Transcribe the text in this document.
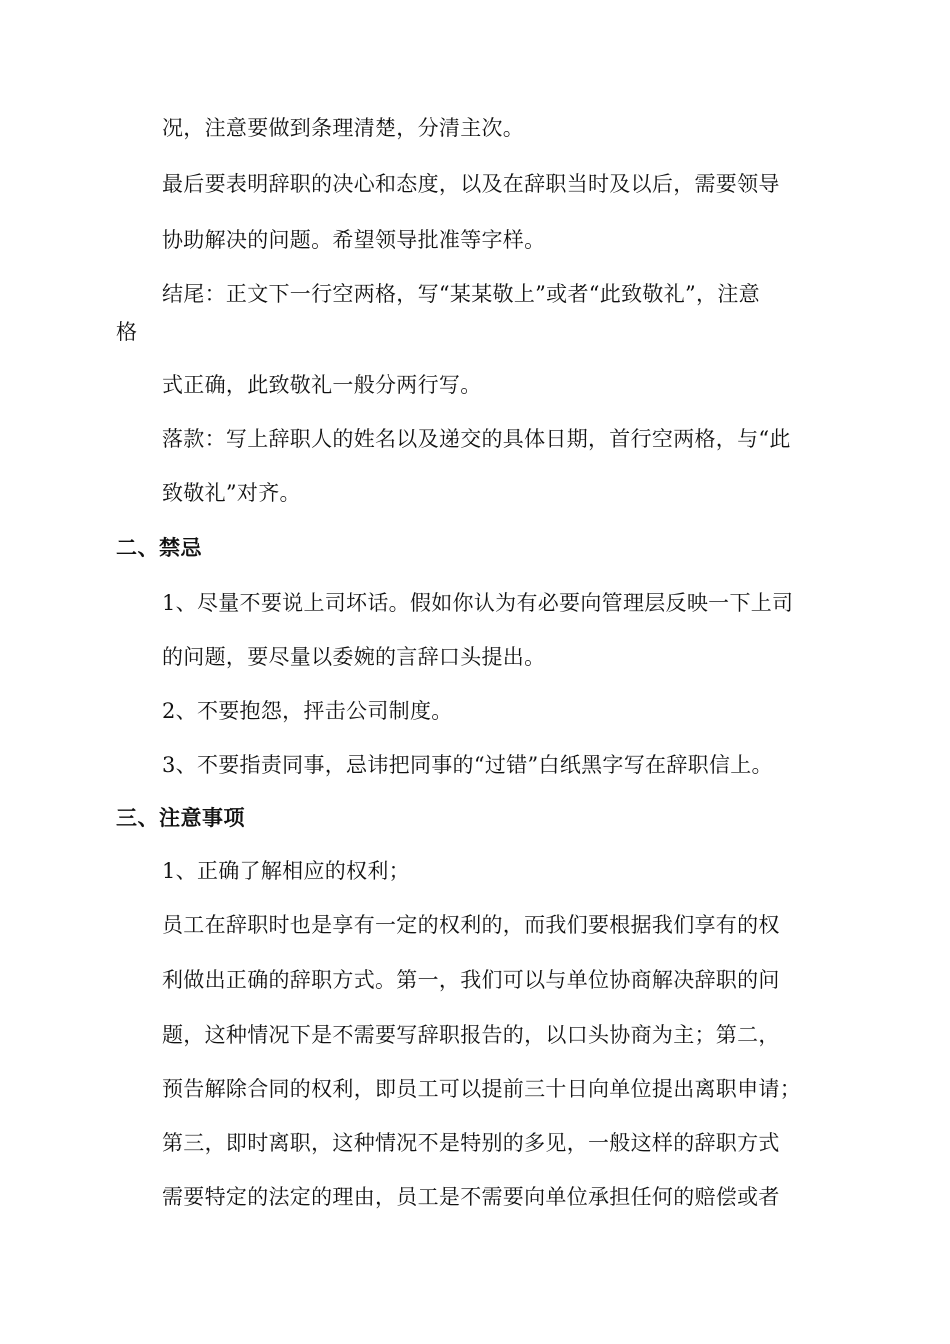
况，注意要做到条理清楚，分清主次。
最后要表明辞职的决心和态度，以及在辞职当时及以后，需要领导
协助解决的问题。希望领导批准等字样。
结尾：正文下一行空两格，写“某某敬上”或者“此致敬礼”，注意
格
式正确，此致敬礼一般分两行写。
落款：写上辞职人的姓名以及递交的具体日期，首行空两格，与“此
致敬礼”对齐。
二、禁忌
1、尽量不要说上司坏话。假如你认为有必要向管理层反映一下上司
的问题，要尽量以委婉的言辞口头提出。
2、不要抱怨，抨击公司制度。
3、不要指责同事，忌讳把同事的“过错”白纸黑字写在辞职信上。
三、注意事项
1、正确了解相应的权利；
员工在辞职时也是享有一定的权利的，而我们要根据我们享有的权
利做出正确的辞职方式。第一，我们可以与单位协商解决辞职的问
题，这种情况下是不需要写辞职报告的，以口头协商为主；第二，
预告解除合同的权利，即员工可以提前三十日向单位提出离职申请；
第三，即时离职，这种情况不是特别的多见，一般这样的辞职方式
需要特定的法定的理由，员工是不需要向单位承担任何的赔偿或者
